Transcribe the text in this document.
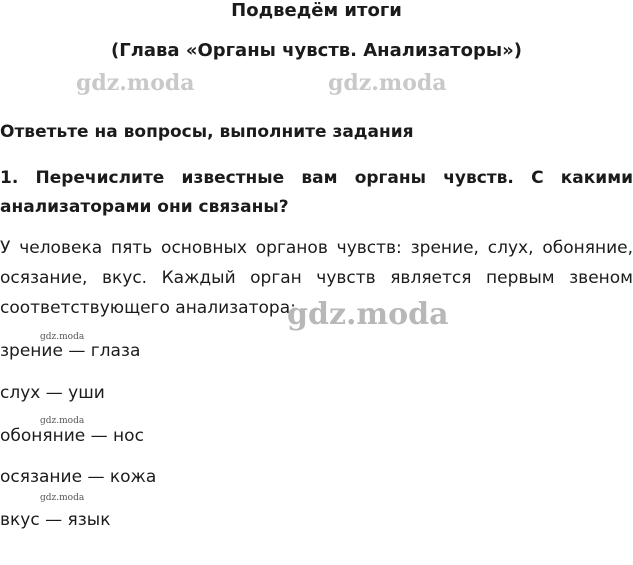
Подведём итоги
(Глава «Органы чувств. Анализаторы»)
gdz.moda	gdz.moda
Ответьте на вопросы, выполните задания

1. Перечислите известные вам органы чувств. С какими анализаторами они связаны?

У человека пять основных органов чувств: зрение, слух, обоняние, осязание, вкус. Каждый орган чувств является первым звеном соответствующего анализатора:

gdz.moda
gdz.moda
gdz.moda
gdz.moda

зрение — глаза

слух — уши

обоняние — нос

осязание — кожа

вкус — язык
